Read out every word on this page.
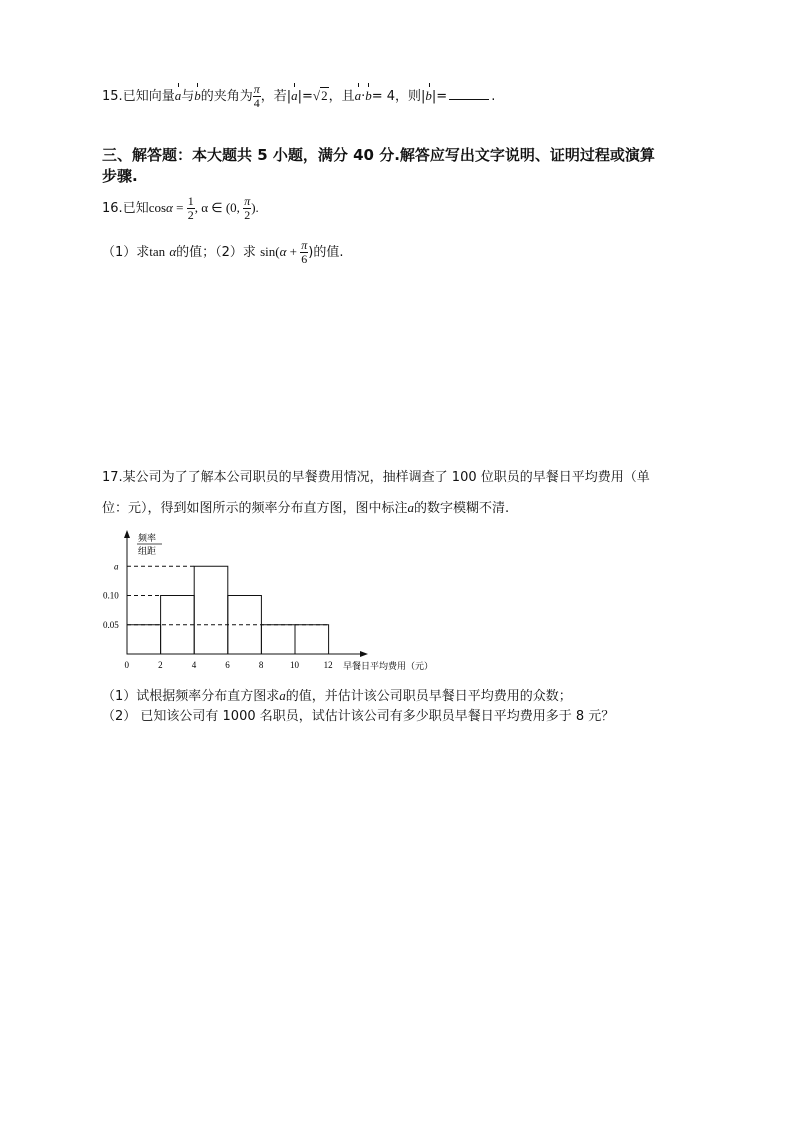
15.已知向量a与b的夹角为 $\frac{\pi}{4}$ ，若|a|=√2，且a·b= 4，则|b|=	.
三、解答题：本大题共 5 小题，满分 40 分.解答应写出文字说明、证明过程或演算
步骤.
16.已知$\cos\alpha = \frac{1}{2}$ , α ∈ (0, $\frac{\pi}{2}$ ).
（1）求tan α的值；（2）求 $\sin(\alpha + \frac{\pi}{6}$ )的值.
17.某公司为了了解本公司职员的早餐费用情况，抽样调查了 100 位职员的早餐日平均费用（单
位：元），得到如图所示的频率分布直方图，图中标注a的数字模糊不清.
频率
组距
0.05
0.10
a
0	2	4	6	8	10	12 早餐日平均费用（元）
（1）试根据频率分布直方图求a的值，并估计该公司职员早餐日平均费用的众数；
（2） 已知该公司有 1000 名职员，试估计该公司有多少职员早餐日平均费用多于 8 元？
